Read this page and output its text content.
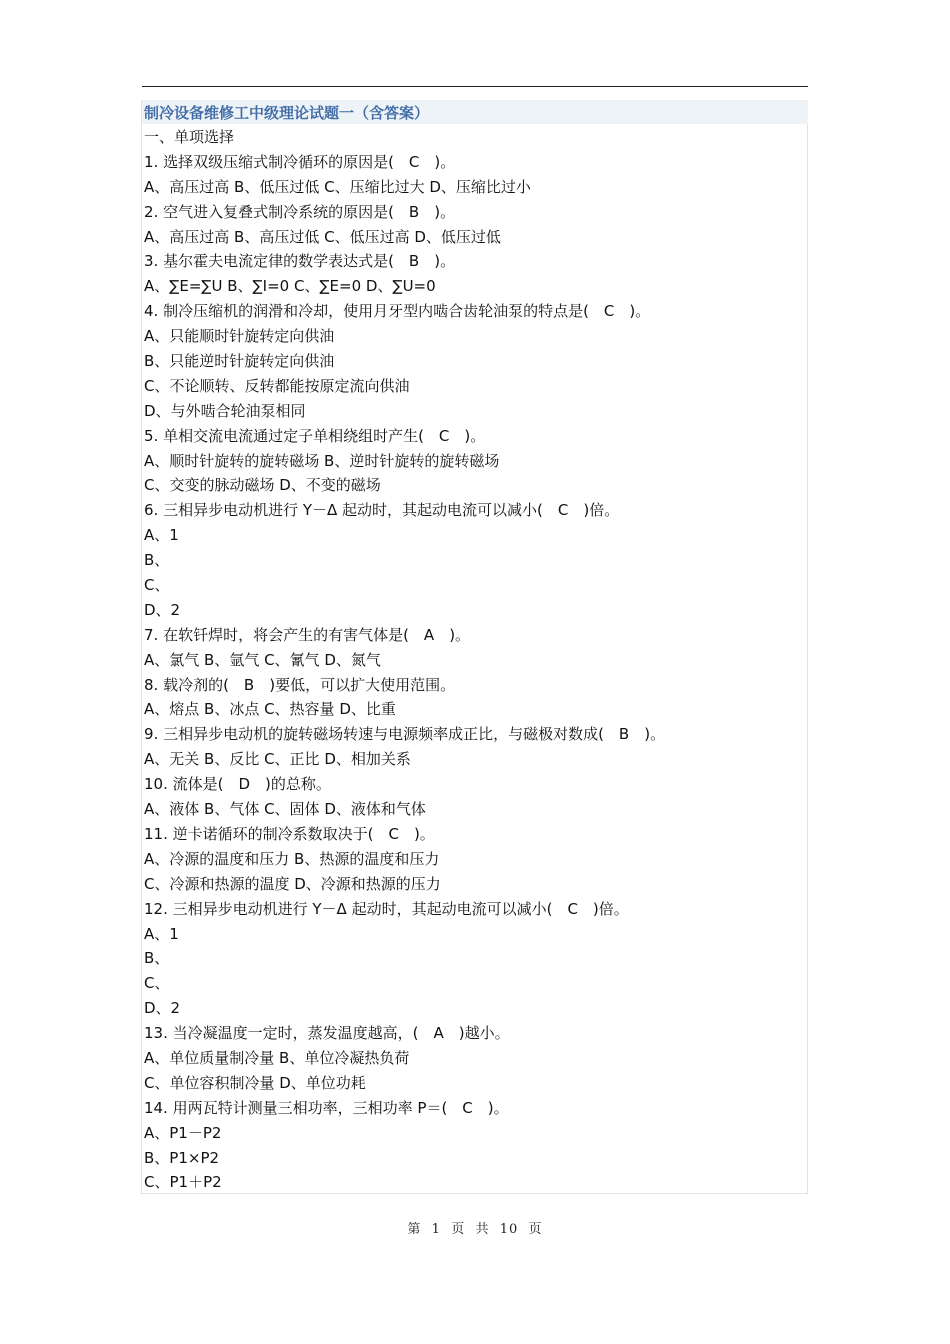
制冷设备维修工中级理论试题一（含答案）
一、单项选择
1. 选择双级压缩式制冷循环的原因是(　C　)。
A、高压过高 B、低压过低 C、压缩比过大 D、压缩比过小
2. 空气进入复叠式制冷系统的原因是(　B　)。
A、高压过高 B、高压过低 C、低压过高 D、低压过低
3. 基尔霍夫电流定律的数学表达式是(　B　)。
A、∑E=∑U B、∑I=0 C、∑E=0 D、∑U=0
4. 制冷压缩机的润滑和冷却，使用月牙型内啮合齿轮油泵的特点是(　C　)。
A、只能顺时针旋转定向供油
B、只能逆时针旋转定向供油
C、不论顺转、反转都能按原定流向供油
D、与外啮合轮油泵相同
5. 单相交流电流通过定子单相绕组时产生(　C　)。
A、顺时针旋转的旋转磁场 B、逆时针旋转的旋转磁场
C、交变的脉动磁场 D、不变的磁场
6. 三相异步电动机进行 Y－Δ 起动时，其起动电流可以减小(　C　)倍。
A、1
B、
C、
D、2
7. 在软钎焊时，将会产生的有害气体是(　A　)。
A、氯气 B、氩气 C、氰气 D、氮气
8. 载冷剂的(　B　)要低，可以扩大使用范围。
A、熔点 B、冰点 C、热容量 D、比重
9. 三相异步电动机的旋转磁场转速与电源频率成正比，与磁极对数成(　B　)。
A、无关 B、反比 C、正比 D、相加关系
10. 流体是(　D　)的总称。
A、液体 B、气体 C、固体 D、液体和气体
11. 逆卡诺循环的制冷系数取决于(　C　)。
A、冷源的温度和压力 B、热源的温度和压力
C、冷源和热源的温度 D、冷源和热源的压力
12. 三相异步电动机进行 Y－Δ 起动时，其起动电流可以减小(　C　)倍。
A、1
B、
C、
D、2
13. 当冷凝温度一定时，蒸发温度越高，(　A　)越小。
A、单位质量制冷量 B、单位冷凝热负荷
C、单位容积制冷量 D、单位功耗
14. 用两瓦特计测量三相功率，三相功率 P＝(　C　)。
A、P1－P2
B、P1×P2
C、P1＋P2
第  1  页  共  10  页
